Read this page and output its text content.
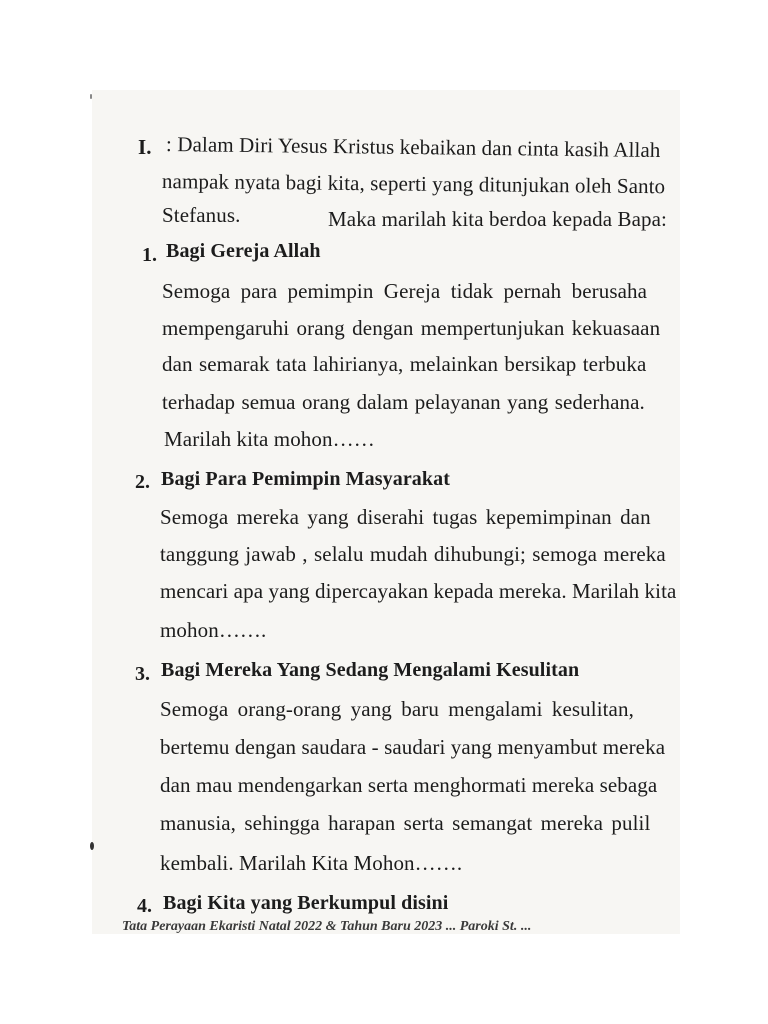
I. : Dalam Diri Yesus Kristus kebaikan dan cinta kasih Allah
nampak nyata bagi kita, seperti yang ditunjukan oleh Santo
Stefanus.	Maka marilah kita berdoa kepada Bapa:
1. Bagi Gereja Allah
Semoga para pemimpin Gereja tidak pernah berusaha
mempengaruhi orang dengan mempertunjukan kekuasaan
dan semarak tata lahirianya, melainkan bersikap terbuka
terhadap semua orang dalam pelayanan yang sederhana.
Marilah kita mohon……
2. Bagi Para Pemimpin Masyarakat
Semoga mereka yang diserahi tugas kepemimpinan dan
tanggung jawab , selalu mudah dihubungi; semoga mereka
mencari apa yang dipercayakan kepada mereka. Marilah kita
mohon…….
3. Bagi Mereka Yang Sedang Mengalami Kesulitan
Semoga orang-orang yang baru mengalami kesulitan,
bertemu dengan saudara - saudari yang menyambut mereka
dan mau mendengarkan serta menghormati mereka sebaga
manusia, sehingga harapan serta semangat mereka pulil
kembali. Marilah Kita Mohon…….
4. Bagi Kita yang Berkumpul disini
Tata Perayaan Ekaristi Natal 2022 & Tahun Baru 2023 ... Paroki St. ...
